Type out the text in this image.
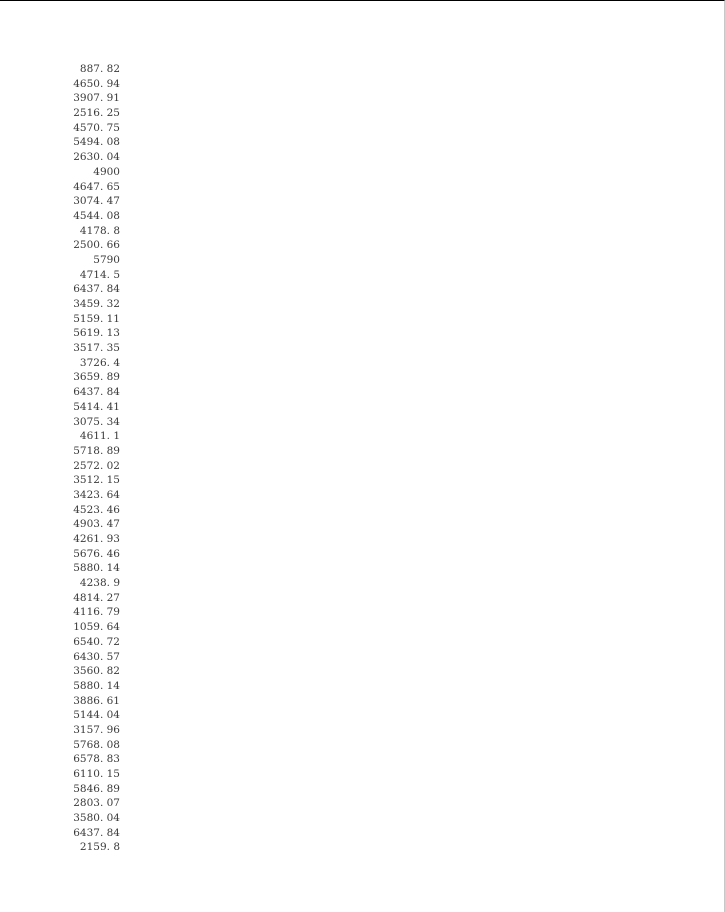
887. 82
4650. 94
3907. 91
2516. 25
4570. 75
5494. 08
2630. 04
4900
4647. 65
3074. 47
4544. 08
4178. 8
2500. 66
5790
4714. 5
6437. 84
3459. 32
5159. 11
5619. 13
3517. 35
3726. 4
3659. 89
6437. 84
5414. 41
3075. 34
4611. 1
5718. 89
2572. 02
3512. 15
3423. 64
4523. 46
4903. 47
4261. 93
5676. 46
5880. 14
4238. 9
4814. 27
4116. 79
1059. 64
6540. 72
6430. 57
3560. 82
5880. 14
3886. 61
5144. 04
3157. 96
5768. 08
6578. 83
6110. 15
5846. 89
2803. 07
3580. 04
6437. 84
2159. 8
